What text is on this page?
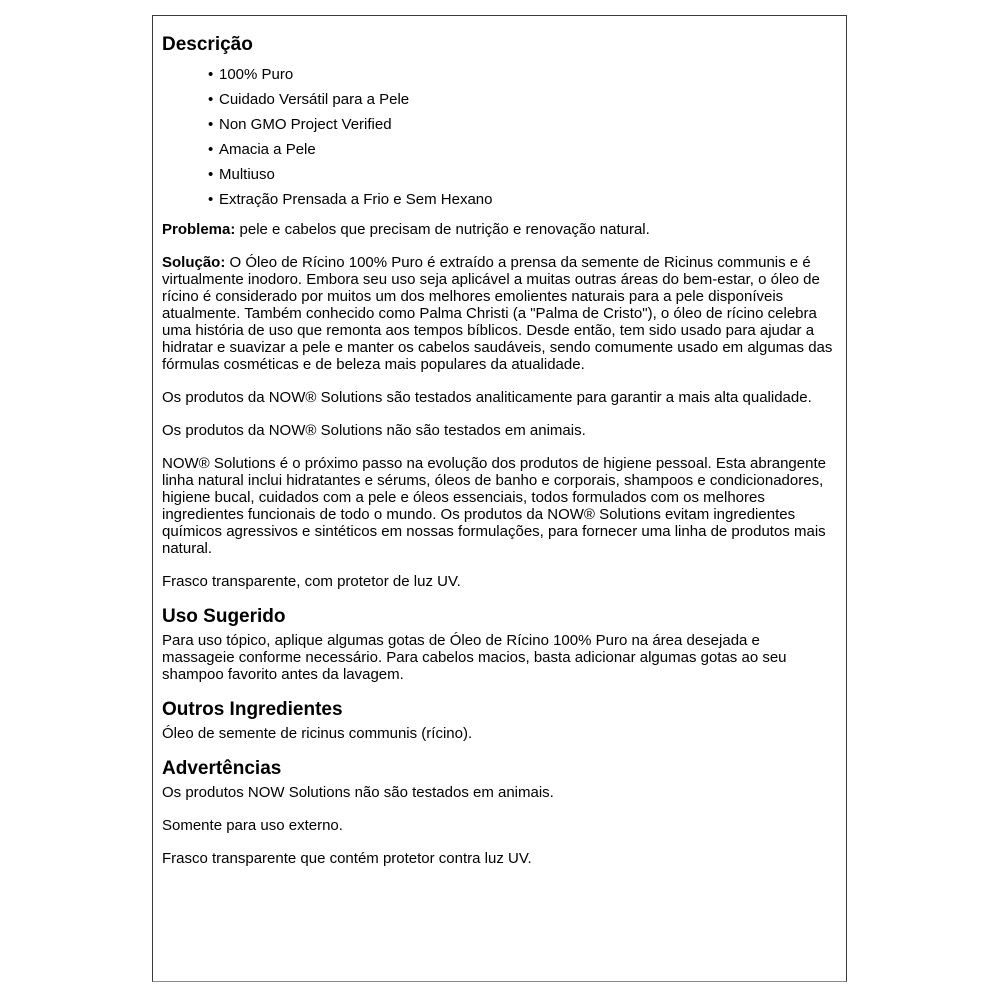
Descrição
• 100% Puro
• Cuidado Versátil para a Pele
• Non GMO Project Verified
• Amacia a Pele
• Multiuso
• Extração Prensada a Frio e Sem Hexano

Problema: pele e cabelos que precisam de nutrição e renovação natural.

Solução: O Óleo de Rícino 100% Puro é extraído a prensa da semente de Ricinus communis e é virtualmente inodoro. Embora seu uso seja aplicável a muitas outras áreas do bem-estar, o óleo de rícino é considerado por muitos um dos melhores emolientes naturais para a pele disponíveis atualmente. Também conhecido como Palma Christi (a "Palma de Cristo"), o óleo de rícino celebra uma história de uso que remonta aos tempos bíblicos. Desde então, tem sido usado para ajudar a hidratar e suavizar a pele e manter os cabelos saudáveis, sendo comumente usado em algumas das fórmulas cosméticas e de beleza mais populares da atualidade.

Os produtos da NOW® Solutions são testados analiticamente para garantir a mais alta qualidade.

Os produtos da NOW® Solutions não são testados em animais.

NOW® Solutions é o próximo passo na evolução dos produtos de higiene pessoal. Esta abrangente linha natural inclui hidratantes e sérums, óleos de banho e corporais, shampoos e condicionadores, higiene bucal, cuidados com a pele e óleos essenciais, todos formulados com os melhores ingredientes funcionais de todo o mundo. Os produtos da NOW® Solutions evitam ingredientes químicos agressivos e sintéticos em nossas formulações, para fornecer uma linha de produtos mais natural.

Frasco transparente, com protetor de luz UV.

Uso Sugerido

Para uso tópico, aplique algumas gotas de Óleo de Rícino 100% Puro na área desejada e massageie conforme necessário. Para cabelos macios, basta adicionar algumas gotas ao seu shampoo favorito antes da lavagem.

Outros Ingredientes

Óleo de semente de ricinus communis (rícino).

Advertências

Os produtos NOW Solutions não são testados em animais.

Somente para uso externo.

Frasco transparente que contém protetor contra luz UV.
